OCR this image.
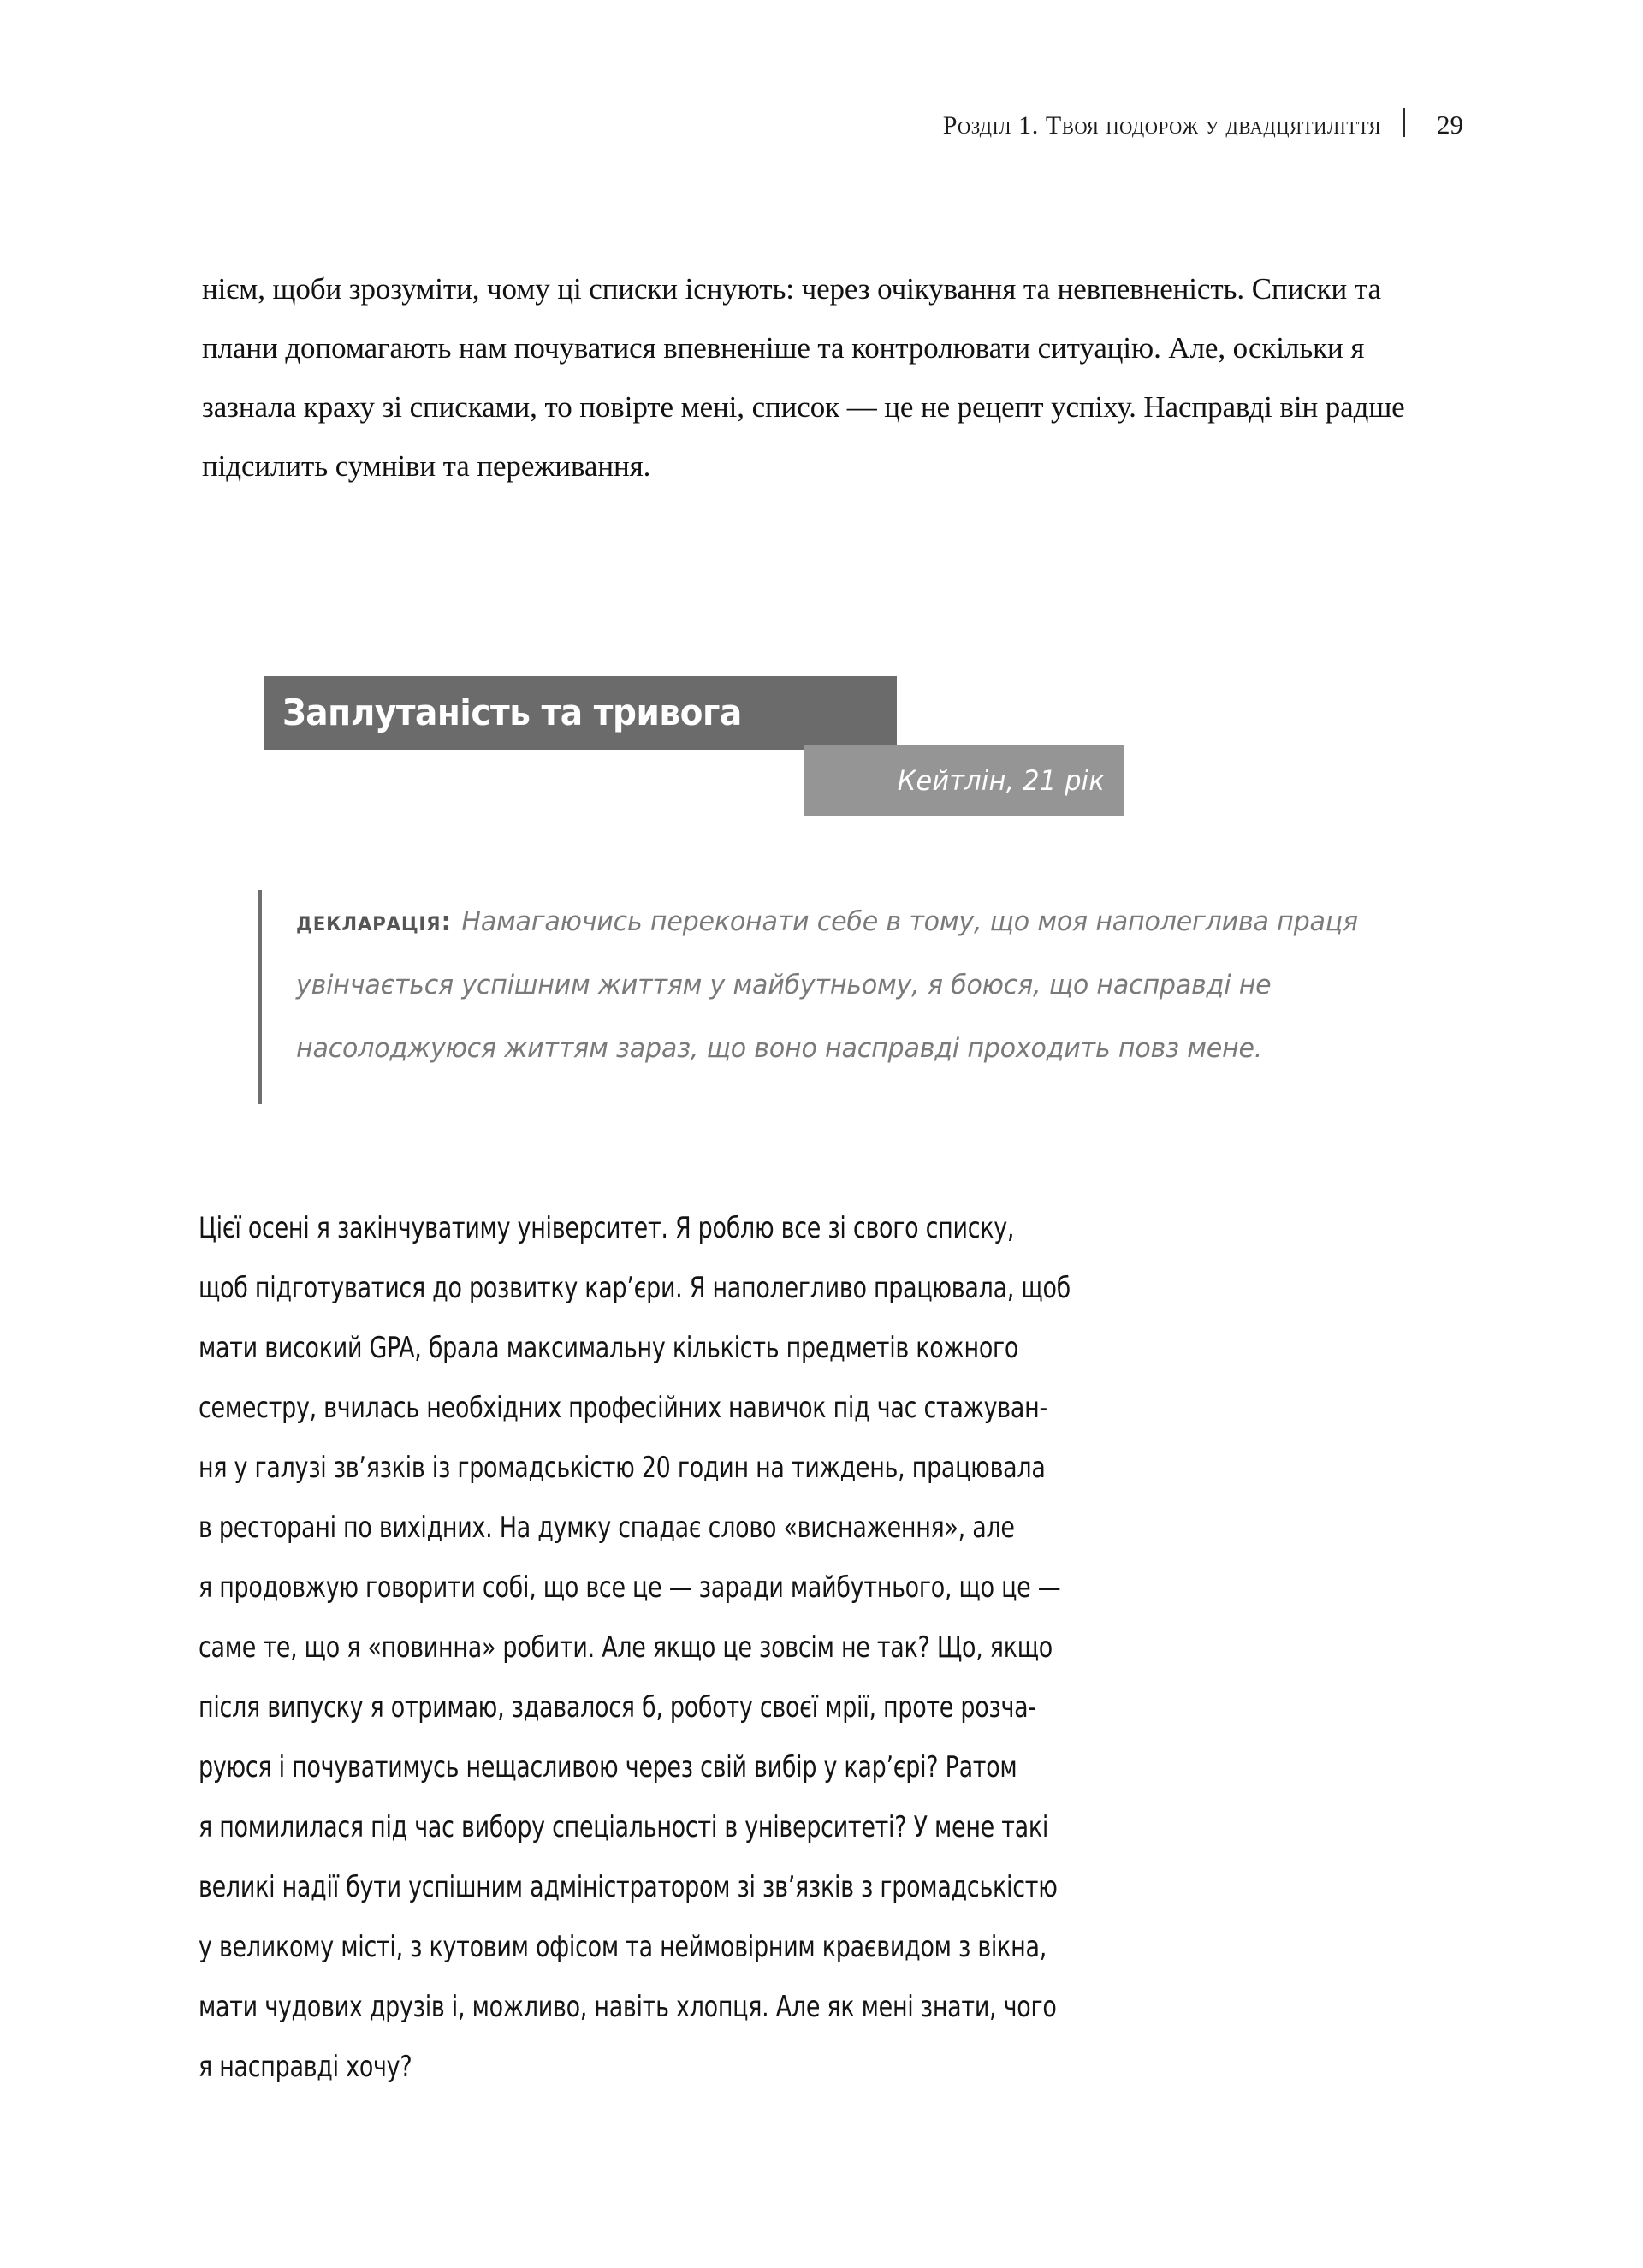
Розділ 1. Твоя подорож у двадцятиліття	29

нієм, щоби зрозуміти, чому ці списки існують: через очікування та невпевненість. Списки та плани допомагають нам почуватися впевненіше та контролювати ситуацію. Але, оскільки я зазнала краху зі списками, то повірте мені, список — це не рецепт успіху. Насправді він радше підсилить сумніви та переживання.

Заплутаність та тривога
Кейтлін, 21 рік
декларація: Намагаючись переконати себе в тому, що моя наполеглива праця увінчається успішним життям у майбутньому, я боюся, що насправді не насолоджуюся життям зараз, що воно насправді проходить повз мене.
Цієї осені я закінчуватиму університет. Я роблю все зі свого списку,
щоб підготуватися до розвитку кар’єри. Я наполегливо працювала, щоб
мати високий GPA, брала максимальну кількість предметів кожного
семестру, вчилась необхідних професійних навичок під час стажуван-
ня у галузі зв’язків із громадськістю 20 годин на тиждень, працювала
в ресторані по вихідних. На думку спадає слово «виснаження», але
я продовжую говорити собі, що все це — заради майбутнього, що це —
саме те, що я «повинна» робити. Але якщо це зовсім не так? Що, якщо
після випуску я отримаю, здавалося б, роботу своєї мрії, проте розча-
руюся і почуватимусь нещасливою через свій вибір у кар’єрі? Ратом
я помилилася під час вибору спеціальності в університеті? У мене такі
великі надії бути успішним адміністратором зі зв’язків з громадськістю
у великому місті, з кутовим офісом та неймовірним краєвидом з вікна,
мати чудових друзів і, можливо, навіть хлопця. Але як мені знати, чого
я насправді хочу?
